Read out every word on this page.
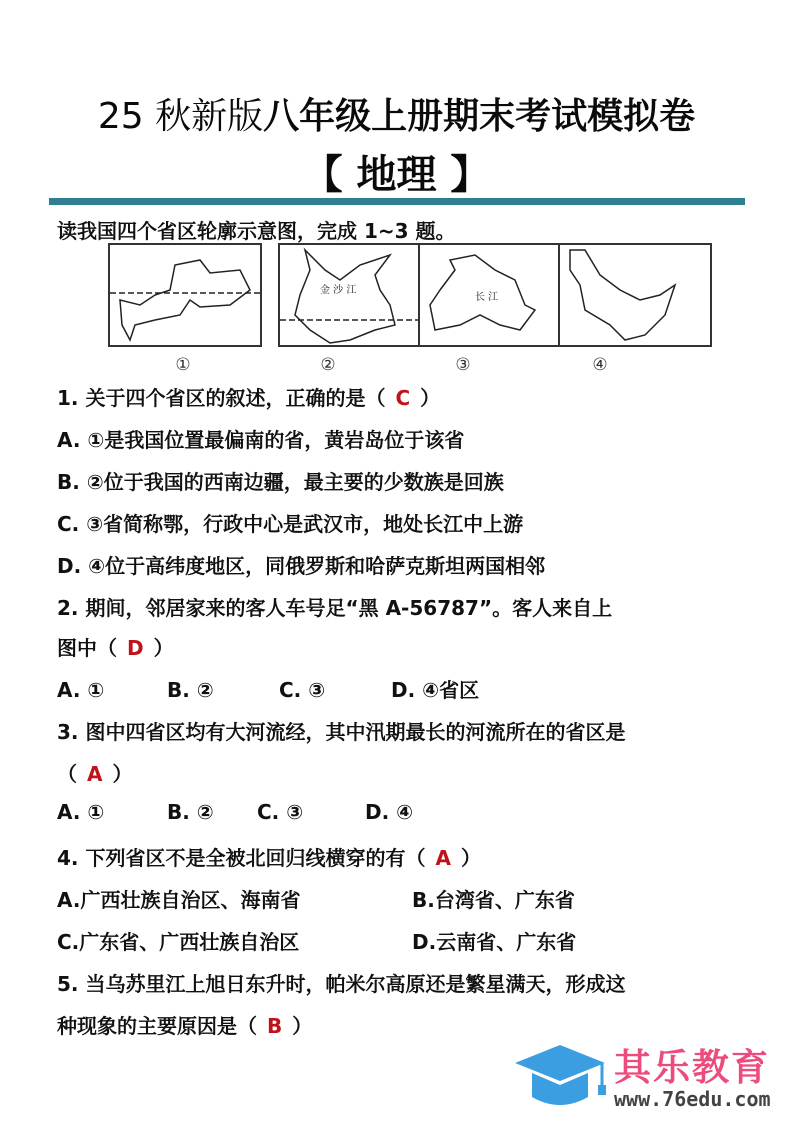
25 秋新版八年级上册期末考试模拟卷
【 地理 】
读我国四个省区轮廓示意图，完成 1~3 题。
金 沙 江
长 江
①	②	③	④
1. 关于四个省区的叙述，正确的是（ C ）
A. ①是我国位置最偏南的省，黄岩岛位于该省
B. ②位于我国的西南边疆，最主要的少数族是回族
C. ③省简称鄂，行政中心是武汉市，地处长江中上游
D. ④位于高纬度地区，同俄罗斯和哈萨克斯坦两国相邻
2. 期间，邻居家来的客人车号足“黑 A-56787”。客人来自上
图中（ D ）
A. ①	B. ②	C. ③	D. ④省区
3. 图中四省区均有大河流经，其中汛期最长的河流所在的省区是
（ A ）
A. ①	B. ② C. ③	D. ④
4. 下列省区不是全被北回归线横穿的有（ A ）
A.广西壮族自治区、海南省	B.台湾省、广东省
C.广东省、广西壮族自治区	D.云南省、广东省
5. 当乌苏里江上旭日东升时，帕米尔高原还是繁星满天，形成这
种现象的主要原因是（ B ）
其乐教育
www.76edu.com
